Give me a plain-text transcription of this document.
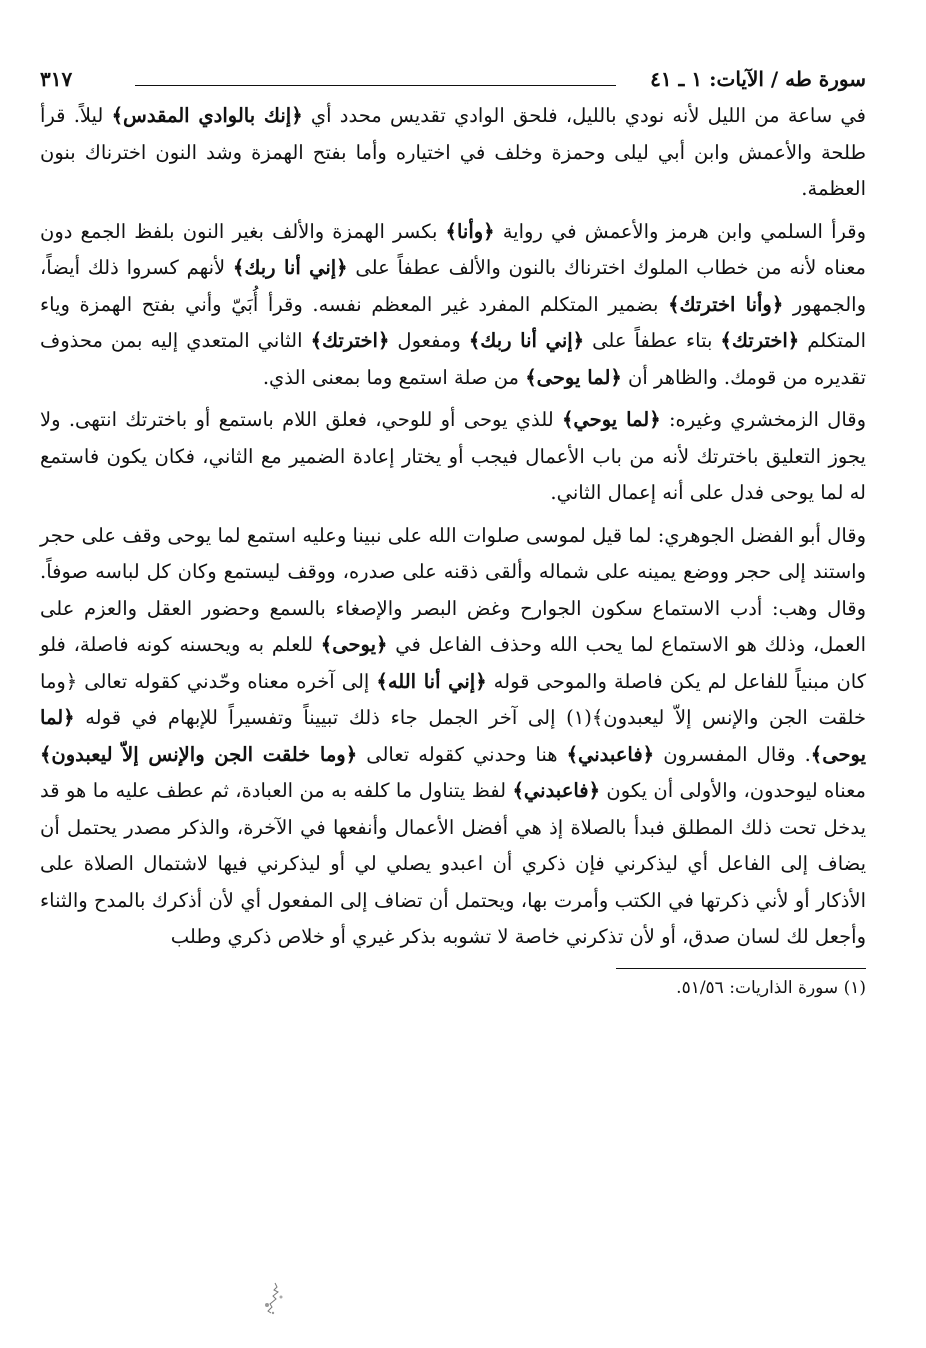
سورة طه / الآيات: ١ ـ ٤١
٣١٧

في ساعة من الليل لأنه نودي بالليل، فلحق الوادي تقديس محدد أي ﴿إنك بالوادي المقدس﴾ ليلاً. قرأ طلحة والأعمش وابن أبي ليلى وحمزة وخلف في اختياره وأما بفتح الهمزة وشد النون اخترناك بنون العظمة.

وقرأ السلمي وابن هرمز والأعمش في رواية ﴿وأنا﴾ بكسر الهمزة والألف بغير النون بلفظ الجمع دون معناه لأنه من خطاب الملوك اخترناك بالنون والألف عطفاً على ﴿إني أنا ربك﴾ لأنهم كسروا ذلك أيضاً، والجمهور ﴿وأنا اخترتك﴾ بضمير المتكلم المفرد غير المعظم نفسه. وقرأ أُبَيّ وأني بفتح الهمزة وياء المتكلم ﴿اخترتك﴾ بتاء عطفاً على ﴿إني أنا ربك﴾ ومفعول ﴿اخترتك﴾ الثاني المتعدي إليه بمن محذوف تقديره من قومك. والظاهر أن ﴿لما يوحى﴾ من صلة استمع وما بمعنى الذي.

وقال الزمخشري وغيره: ﴿لما يوحي﴾ للذي يوحى أو للوحي، فعلق اللام باستمع أو باخترتك انتهى. ولا يجوز التعليق باخترتك لأنه من باب الأعمال فيجب أو يختار إعادة الضمير مع الثاني، فكان يكون فاستمع له لما يوحى فدل على أنه إعمال الثاني.

وقال أبو الفضل الجوهري: لما قيل لموسى صلوات الله على نبينا وعليه استمع لما يوحى وقف على حجر واستند إلى حجر ووضع يمينه على شماله وألقى ذقنه على صدره، ووقف ليستمع وكان كل لباسه صوفاً. وقال وهب: أدب الاستماع سكون الجوارح وغض البصر والإصغاء بالسمع وحضور العقل والعزم على العمل، وذلك هو الاستماع لما يحب الله وحذف الفاعل في ﴿يوحى﴾ للعلم به ويحسنه كونه فاصلة، فلو كان مبنياً للفاعل لم يكن فاصلة والموحى قوله ﴿إني أنا الله﴾ إلى آخره معناه وحّدني كقوله تعالى ﴿وما خلقت الجن والإنس إلاّ ليعبدون﴾(١) إلى آخر الجمل جاء ذلك تبييناً وتفسيراً للإبهام في قوله ﴿لما يوحى﴾. وقال المفسرون ﴿فاعبدني﴾ هنا وحدني كقوله تعالى ﴿وما خلقت الجن والإنس إلاّ ليعبدون﴾ معناه ليوحدون، والأولى أن يكون ﴿فاعبدني﴾ لفظ يتناول ما كلفه به من العبادة، ثم عطف عليه ما هو قد يدخل تحت ذلك المطلق فبدأ بالصلاة إذ هي أفضل الأعمال وأنفعها في الآخرة، والذكر مصدر يحتمل أن يضاف إلى الفاعل أي ليذكرني فإن ذكري أن اعبدو يصلي لي أو ليذكرني فيها لاشتمال الصلاة على الأذكار أو لأني ذكرتها في الكتب وأمرت بها، ويحتمل أن تضاف إلى المفعول أي لأن أذكرك بالمدح والثناء وأجعل لك لسان صدق، أو لأن تذكرني خاصة لا تشوبه بذكر غيري أو خلاص ذكري وطلب

(١) سورة الذاريات: ٥١/٥٦.
